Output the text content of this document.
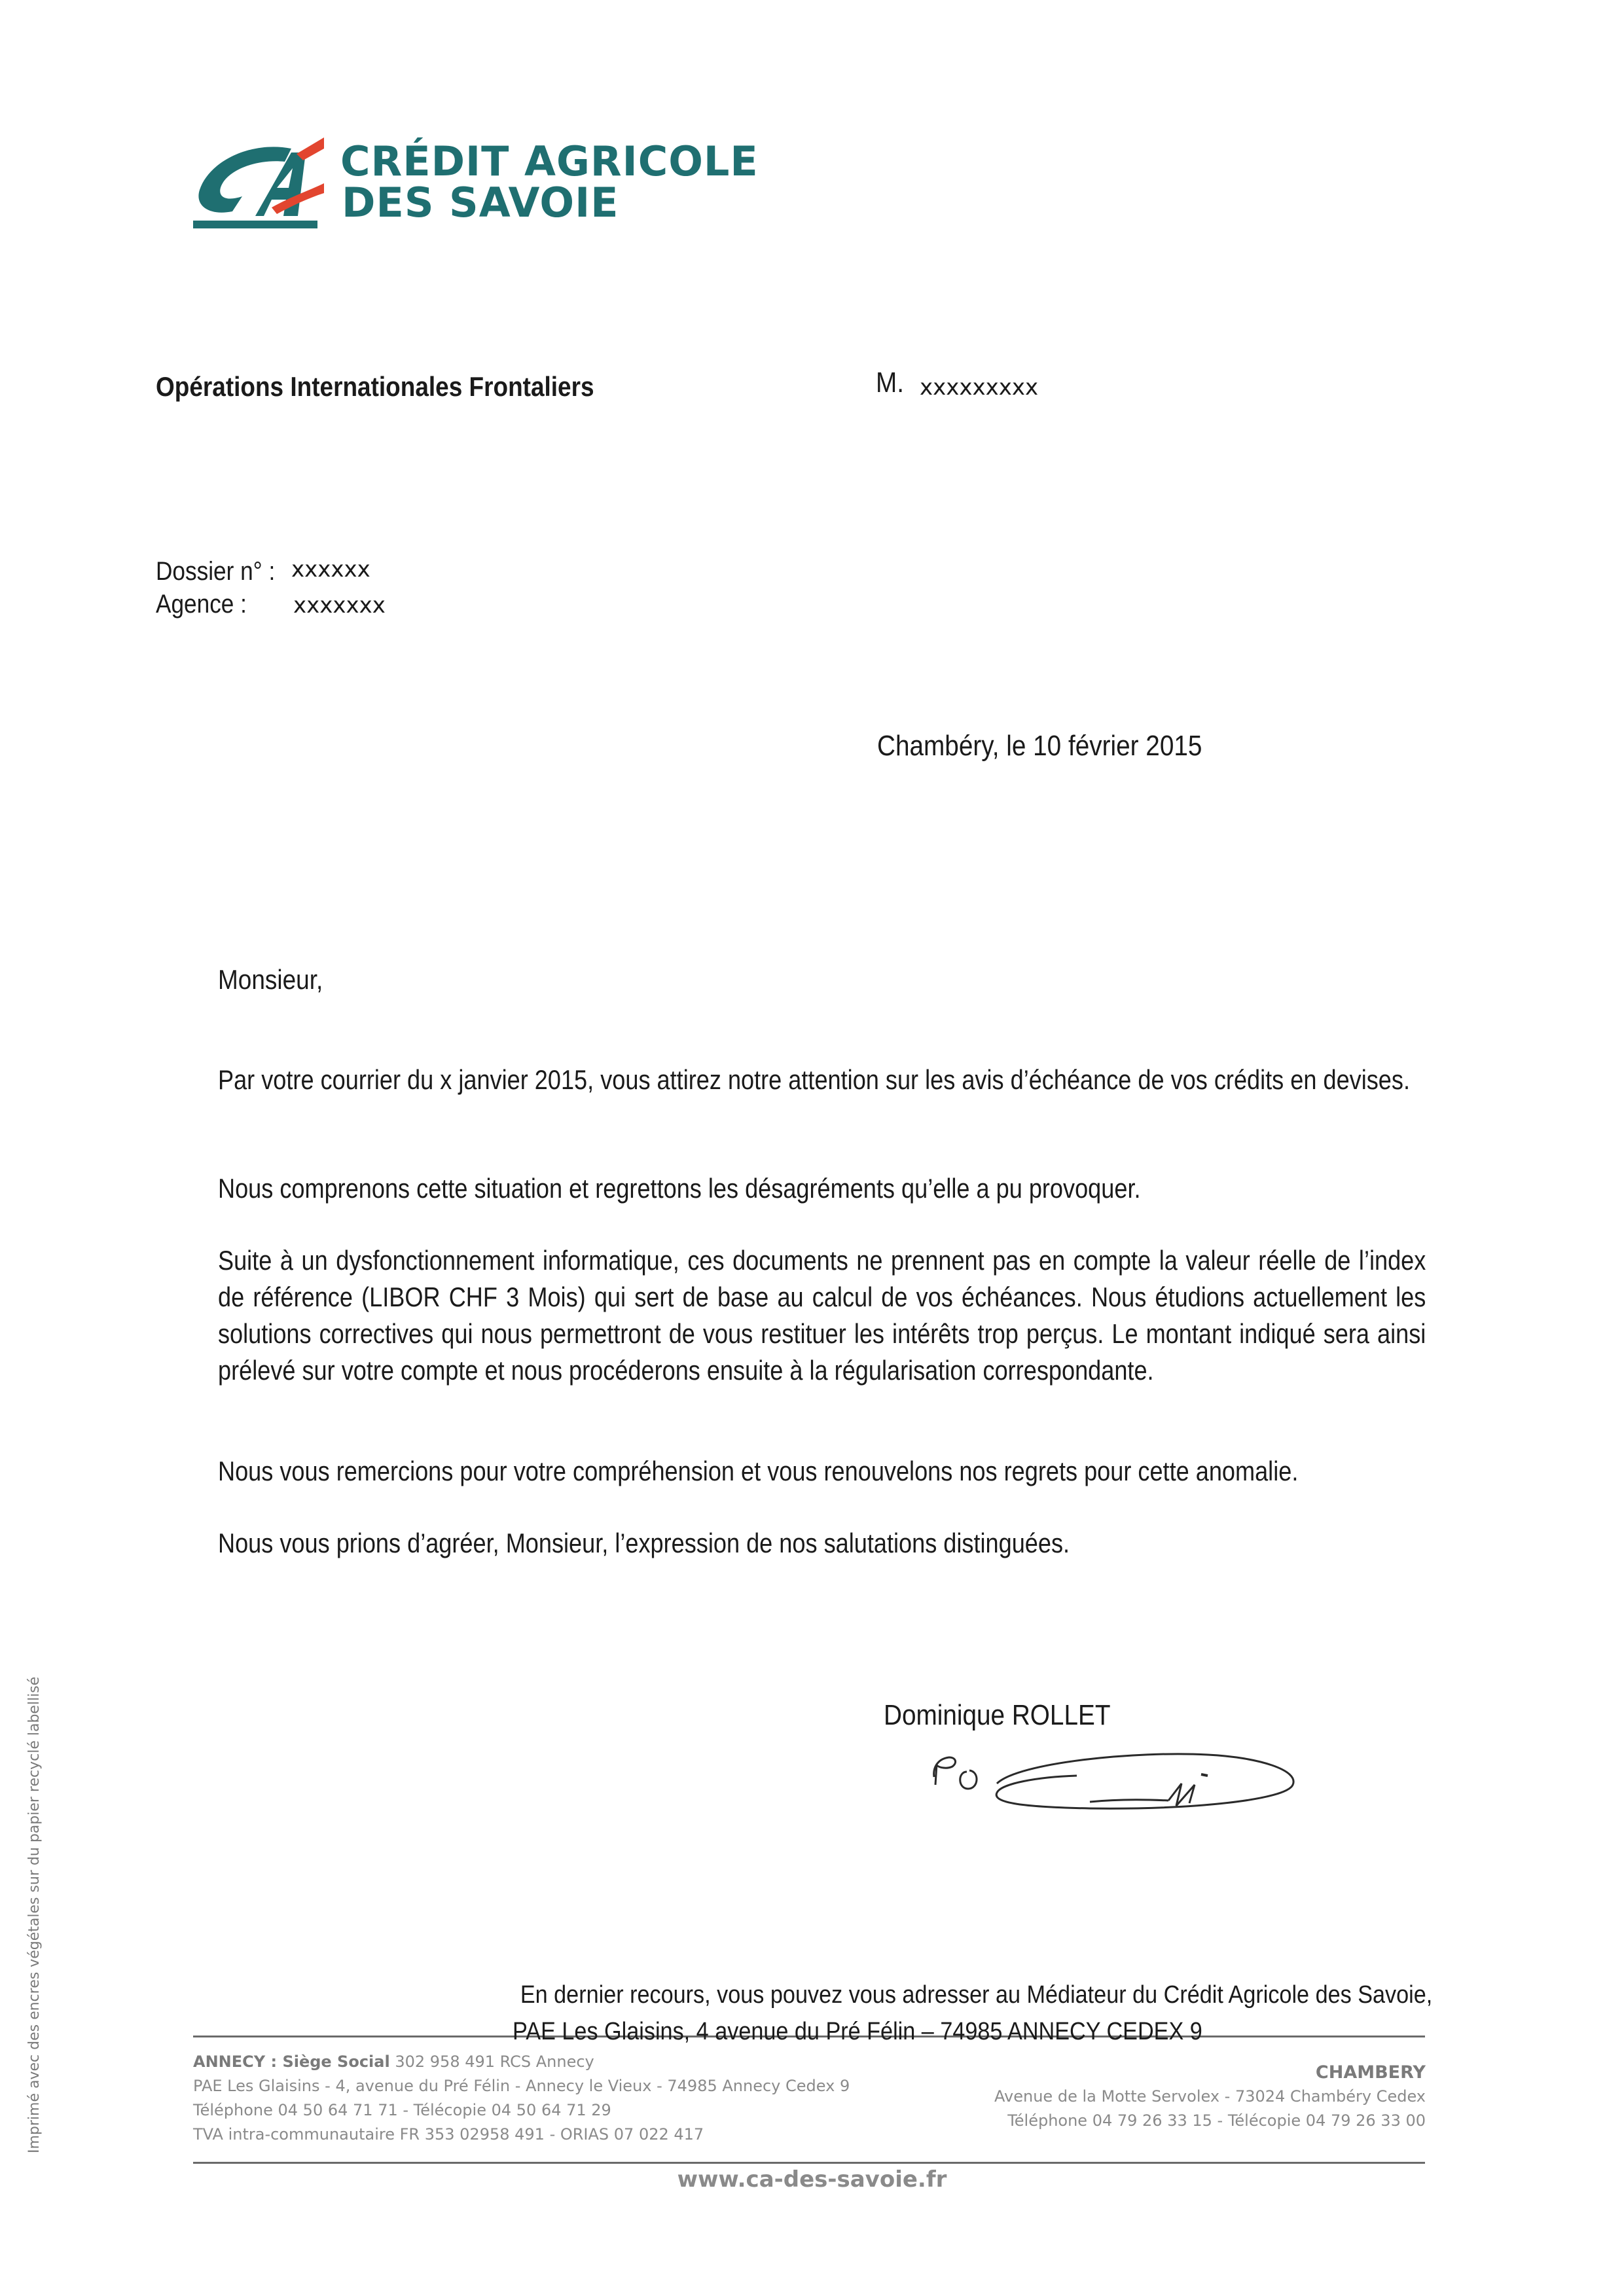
CRÉDIT AGRICOLE
DES SAVOIE
Opérations Internationales Frontaliers	M. xxxxxxxxx
Dossier n° : xxxxxx
Agence : xxxxxxx
Chambéry, le 10 février 2015
Monsieur,
Par votre courrier du x janvier 2015, vous attirez notre attention sur les avis d’échéance de vos crédits en devises.
Nous comprenons cette situation et regrettons les désagréments qu’elle a pu provoquer.
Suite à un dysfonctionnement informatique, ces documents ne prennent pas en compte la valeur réelle de l’index de référence (LIBOR CHF 3 Mois) qui sert de base au calcul de vos échéances. Nous étudions actuellement les solutions correctives qui nous permettront de vous restituer les intérêts trop perçus. Le montant indiqué sera ainsi prélevé sur votre compte et nous procéderons ensuite à la régularisation correspondante.
Nous vous remercions pour votre compréhension et vous renouvelons nos regrets pour cette anomalie.
Nous vous prions d’agréer, Monsieur, l’expression de nos salutations distinguées.
Dominique ROLLET
En dernier recours, vous pouvez vous adresser au Médiateur du Crédit Agricole des Savoie,
PAE Les Glaisins, 4 avenue du Pré Félin – 74985 ANNECY CEDEX 9
ANNECY : Siège Social 302 958 491 RCS Annecy
PAE Les Glaisins - 4, avenue du Pré Félin - Annecy le Vieux - 74985 Annecy Cedex 9
Téléphone 04 50 64 71 71 - Télécopie 04 50 64 71 29
TVA intra-communautaire FR 353 02958 491 - ORIAS 07 022 417
CHAMBERY
Avenue de la Motte Servolex - 73024 Chambéry Cedex
Téléphone 04 79 26 33 15 - Télécopie 04 79 26 33 00
www.ca-des-savoie.fr
Imprimé avec des encres végétales sur du papier recyclé labellisé
